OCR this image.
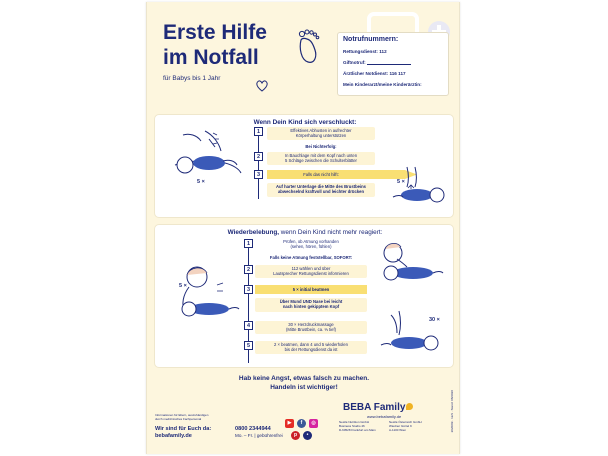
Erste Hilfe
im Notfall
für Babys bis 1 Jahr
Notrufnummern:
Rettungsdienst: 112
Giftnotruf:
Ärztlicher Notdienst: 116 117
Mein Kinderarzt/meine Kinderärztin:
Wenn Dein Kind sich verschluckt:
1	Effektives Abhusten in aufrechter
Körperhaltung unterstützen
Bei Nichterfolg:
2	In Bauchlage mit dem Kopf nach unten
5 Schläge zwischen die Schulterblätter
3	Falls das nicht hilft:
Auf harter Unterlage die Mitte des Brustbeins
abwechselnd kraftvoll und leichter drücken
5 ×	5 ×
Wiederbelebung, wenn Dein Kind nicht mehr reagiert:
1	Prüfen, ob Atmung vorhanden
(sehen, hören, fühlen)
Falls keine Atmung feststellbar, SOFORT:
2	112 wählen und über
Lautsprecher Rettungsdienst informieren
3	5 × initial beatmen
Über Mund UND Nase bei leicht
nach hinten gekipptem Kopf
4	30 × Herzdruckmassage
(Mitte Brustbein, ca. ⅓ tief)
5	2 × beatmen, dann 4 und 5 wiederholen
bis der Rettungsdienst da ist
5 ×
30 ×
Hab keine Angst, etwas falsch zu machen.
Handeln ist wichtiger!
Informationen für Eltern, auszuhändigen
durch medizinisches Fachpersonal
Wir sind für Euch da:
bebafamily.de
0800 2344944
Mo. – Fr. | gebührenfrei
▶	f	◎
p	•
BEBA Family
www.bebafamily.de
Nestlé Nutrition GmbH
Business Studio 46
D-60528 Frankfurt am Main
Nestlé Österreich GmbH
Wiedner Gürtel 9
A-1100 Wien	2020/09 · 12/3 · Stand: 08/2020
